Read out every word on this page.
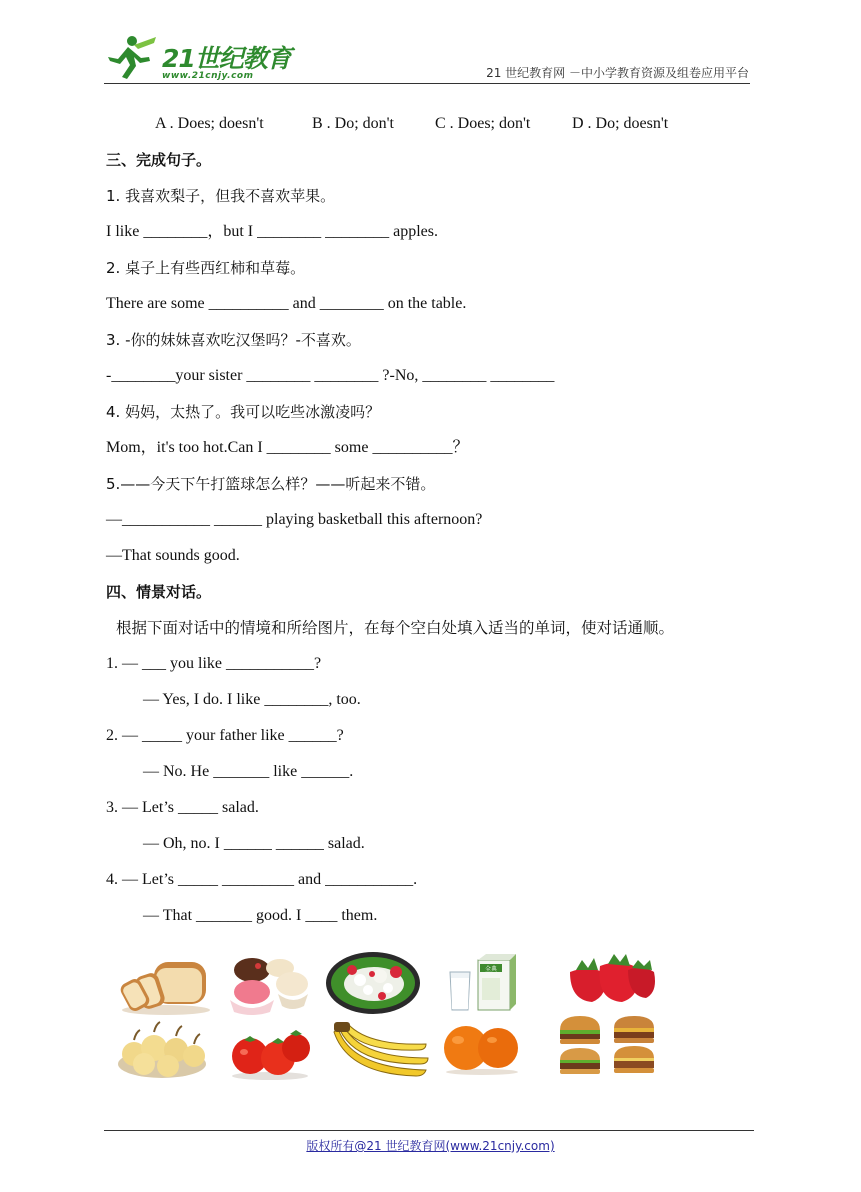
21世纪教育
www.21cnjy.com	21 世纪教育网 －中小学教育资源及组卷应用平台
A . Does; doesn't	B . Do; don't	C . Does; don't	D . Do; doesn't
三、完成句子。
1. 我喜欢梨子，但我不喜欢苹果。
I like ________，but I ________ ________ apples.
2. 桌子上有些西红柿和草莓。
There are some __________ and ________ on the table.
3. -你的妹妹喜欢吃汉堡吗？-不喜欢。
-________your sister ________ ________ ?-No, ________ ________
4. 妈妈，太热了。我可以吃些冰激凌吗？
Mom，it's too hot.Can I ________ some __________？
5.——今天下午打篮球怎么样？——听起来不错。
—___________ ______ playing basketball this afternoon?
—That sounds good.
四、情景对话。
根据下面对话中的情境和所给图片，在每个空白处填入适当的单词，使对话通顺。
1. — ___ you like ___________?
— Yes, I do. I like ________, too.
2. — _____ your father like ______?
— No. He _______ like ______.
3. — Let’s _____ salad.
— Oh, no. I ______ ______ salad.
4. — Let’s _____ _________ and ___________.
— That _______ good. I ____ them.
全典
版权所有@21 世纪教育网(www.21cnjy.com)
